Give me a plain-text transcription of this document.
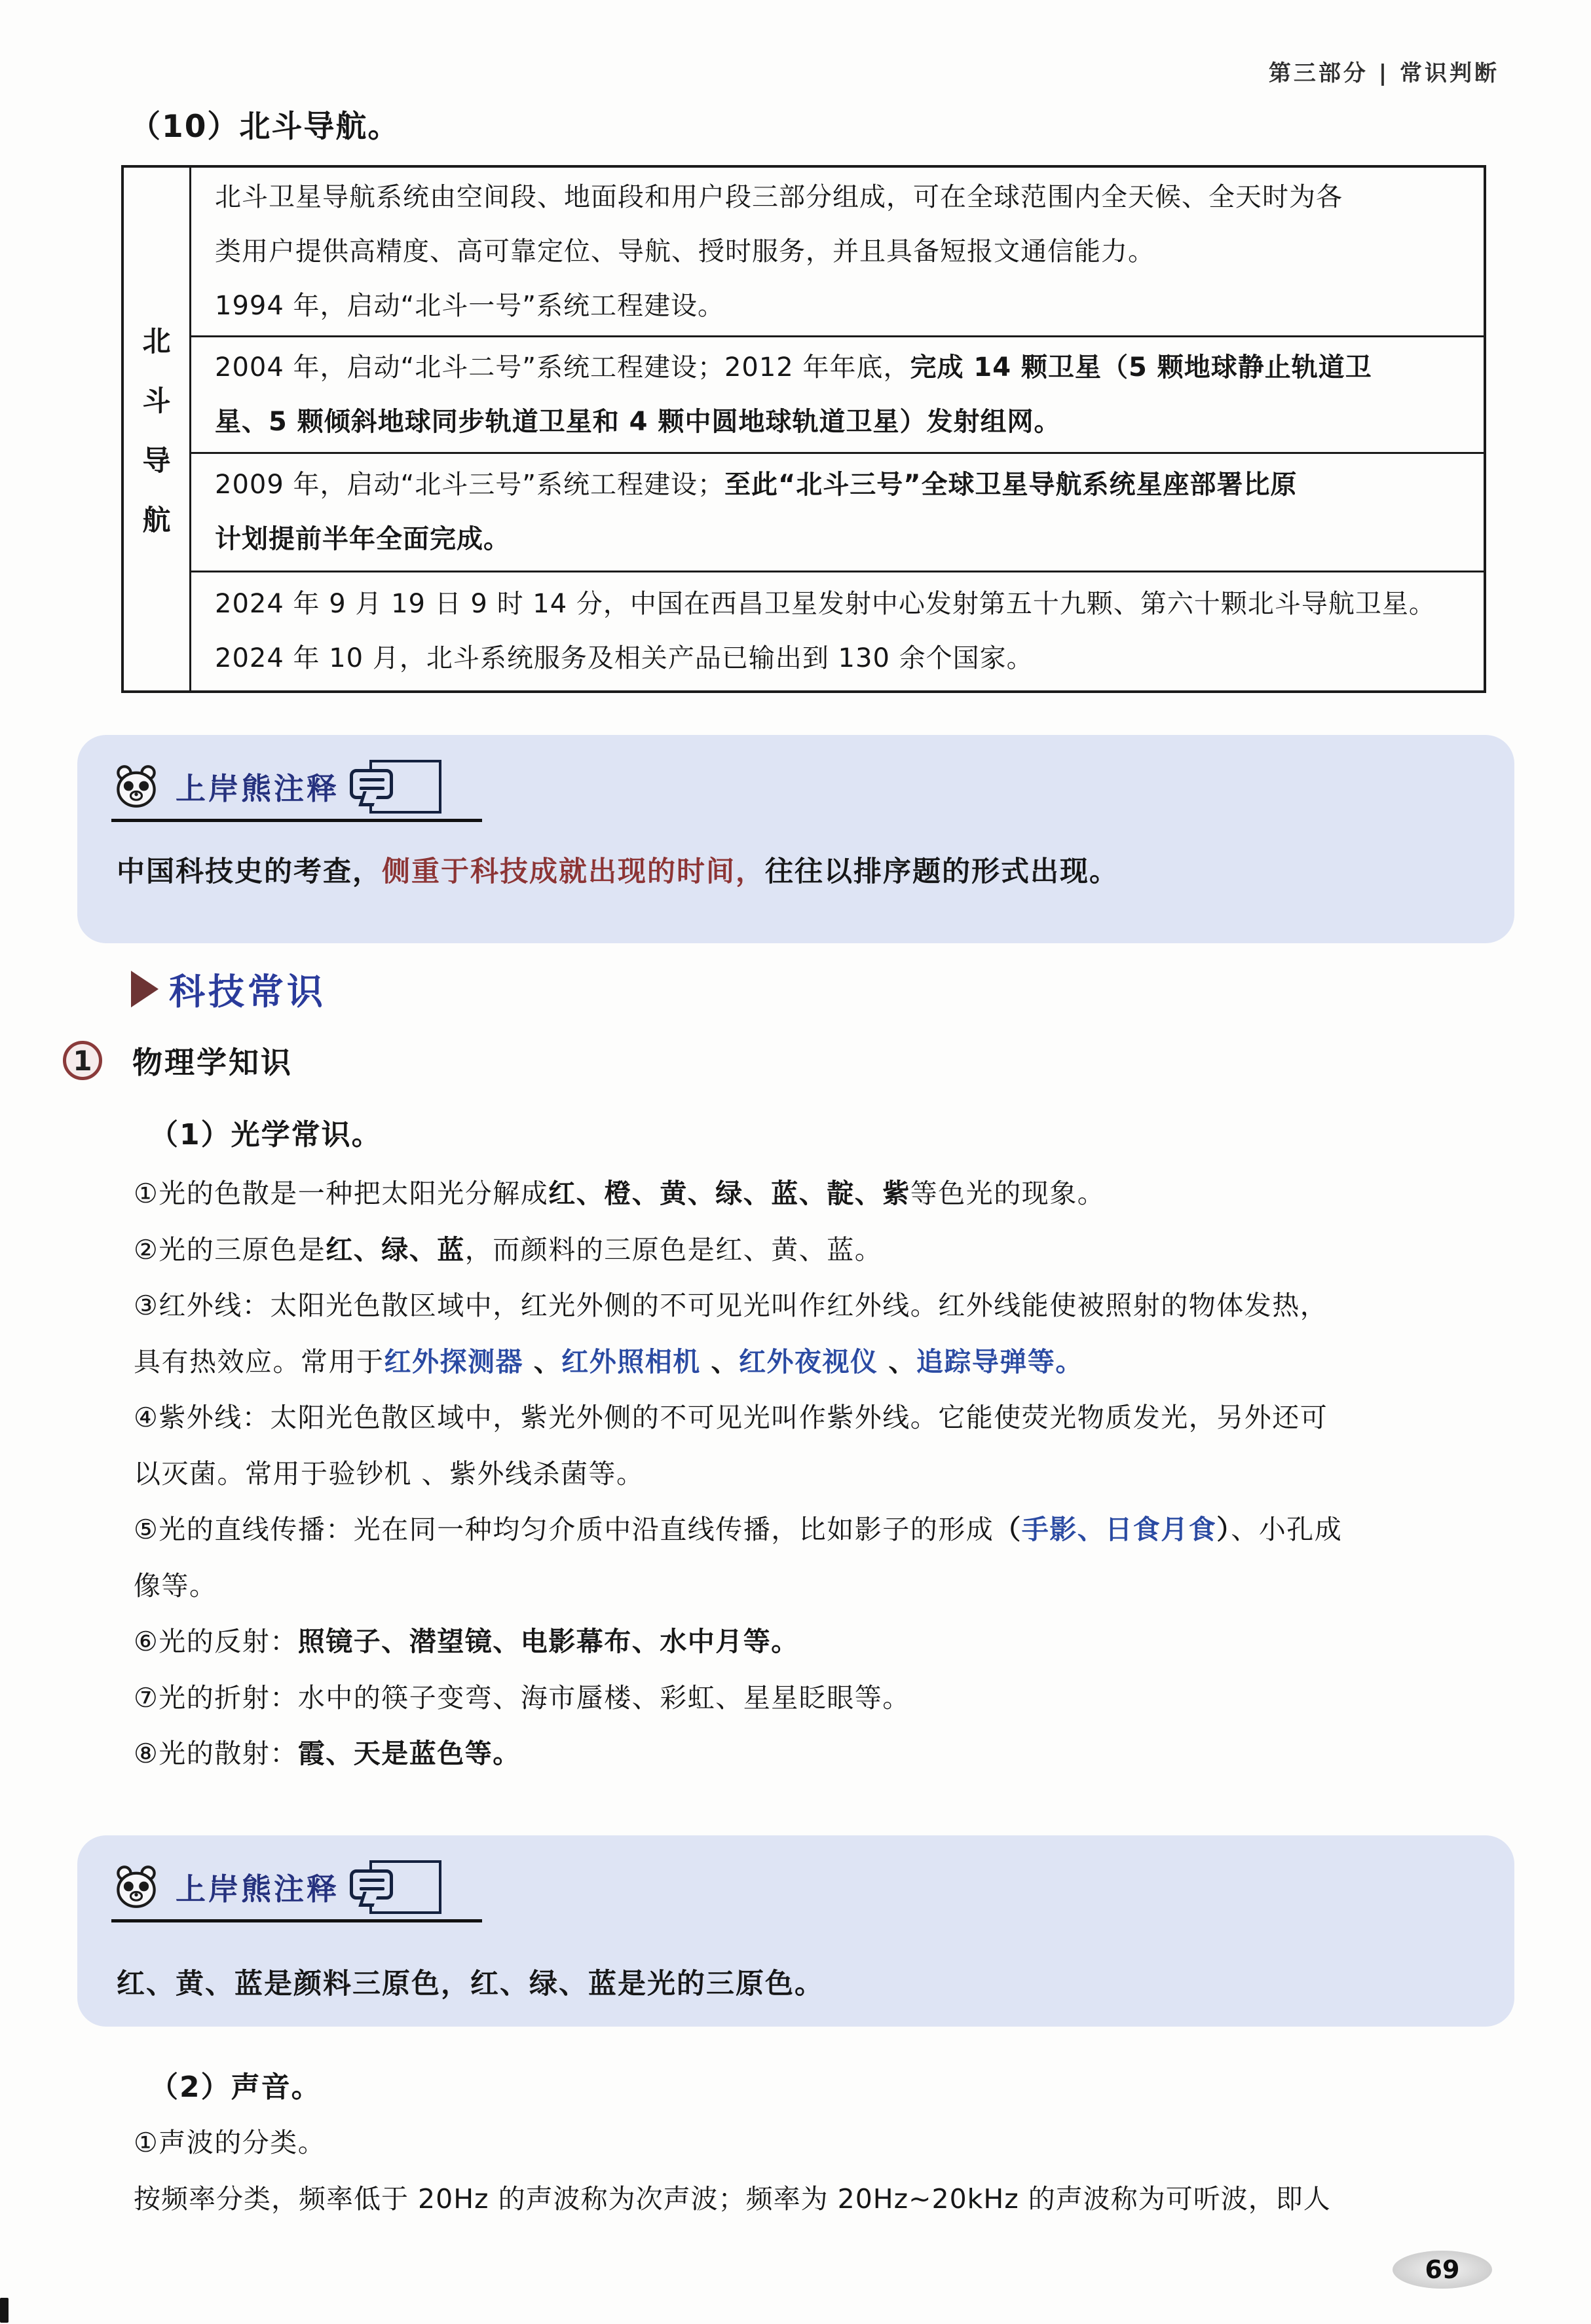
第三部分 | 常识判断
（10）北斗导航。
北
斗
导
航
北斗卫星导航系统由空间段、地面段和用户段三部分组成，可在全球范围内全天候、全天时为各
类用户提供高精度、高可靠定位、导航、授时服务，并且具备短报文通信能力。
1994 年，启动“北斗一号”系统工程建设。
2004 年，启动“北斗二号”系统工程建设；2012 年年底，完成 14 颗卫星（5 颗地球静止轨道卫
星、5 颗倾斜地球同步轨道卫星和 4 颗中圆地球轨道卫星）发射组网。
2009 年，启动“北斗三号”系统工程建设；至此“北斗三号”全球卫星导航系统星座部署比原
计划提前半年全面完成。
2024 年 9 月 19 日 9 时 14 分，中国在西昌卫星发射中心发射第五十九颗、第六十颗北斗导航卫星。
2024 年 10 月，北斗系统服务及相关产品已输出到 130 余个国家。
上岸熊注释
中国科技史的考查，侧重于科技成就出现的时间，往往以排序题的形式出现。
科技常识
1	物理学知识
（1）光学常识。
①光的色散是一种把太阳光分解成红、橙、黄、绿、蓝、靛、紫等色光的现象。
②光的三原色是红、绿、蓝，而颜料的三原色是红、黄、蓝。
③红外线：太阳光色散区域中，红光外侧的不可见光叫作红外线。红外线能使被照射的物体发热，
具有热效应。常用于红外探测器 、红外照相机 、红外夜视仪 、追踪导弹等。
④紫外线：太阳光色散区域中，紫光外侧的不可见光叫作紫外线。它能使荧光物质发光，另外还可
以灭菌。常用于验钞机 、紫外线杀菌等。
⑤光的直线传播：光在同一种均匀介质中沿直线传播，比如影子的形成（手影、日食月食）、小孔成
像等。
⑥光的反射：照镜子、潜望镜、电影幕布、水中月等。
⑦光的折射：水中的筷子变弯、海市蜃楼、彩虹、星星眨眼等。
⑧光的散射：霞、天是蓝色等。
上岸熊注释
红、黄、蓝是颜料三原色，红、绿、蓝是光的三原色。
（2）声音。
①声波的分类。
按频率分类，频率低于 20Hz 的声波称为次声波；频率为 20Hz~20kHz 的声波称为可听波，即人
69
